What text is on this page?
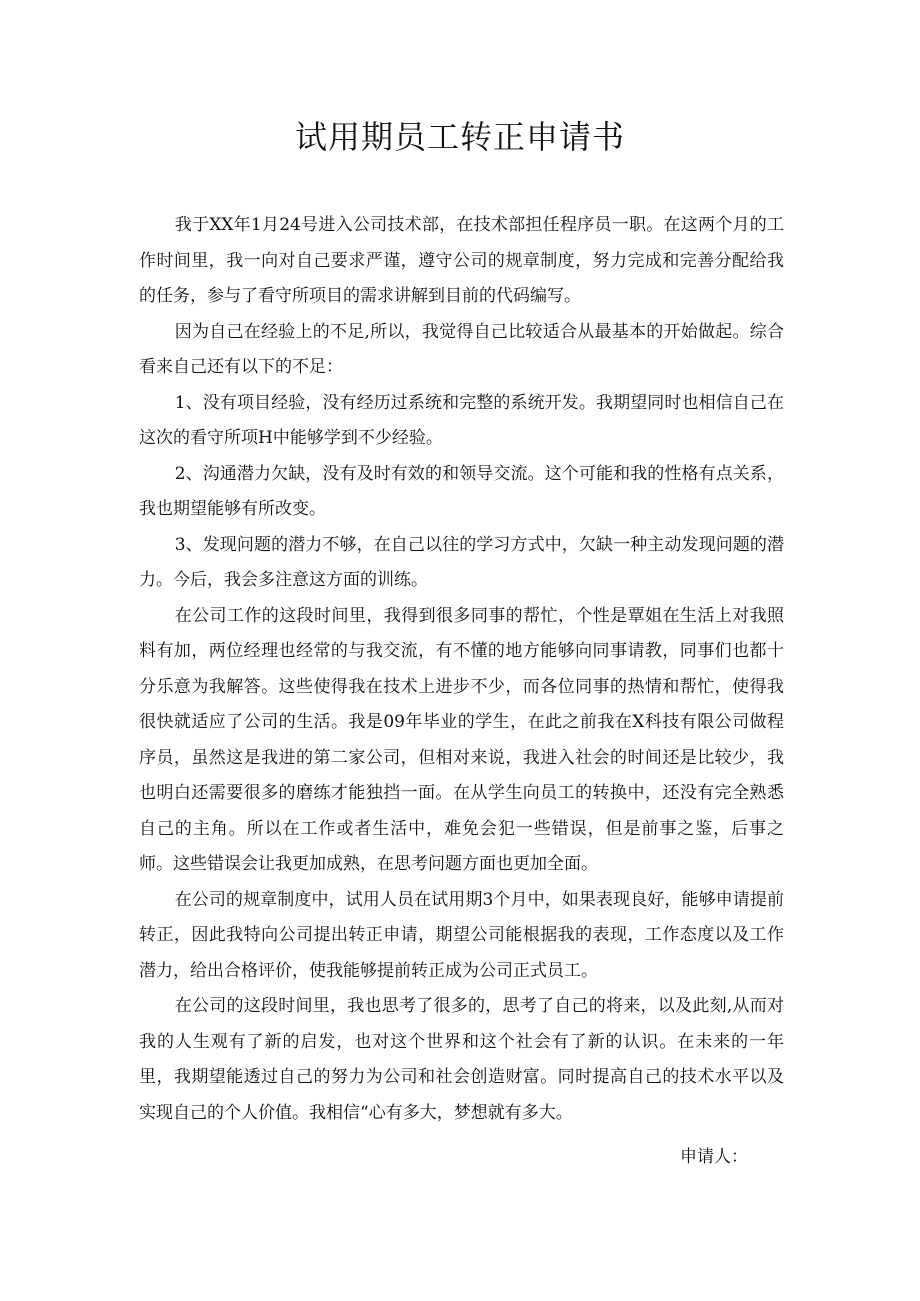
试用期员工转正申请书

我于XX年1月24号进入公司技术部，在技术部担任程序员一职。在这两个月的工作时间里，我一向对自己要求严谨，遵守公司的规章制度，努力完成和完善分配给我的任务，参与了看守所项目的需求讲解到目前的代码编写。

因为自己在经验上的不足,所以，我觉得自己比较适合从最基本的开始做起。综合看来自己还有以下的不足：

1、没有项目经验，没有经历过系统和完整的系统开发。我期望同时也相信自己在这次的看守所项H中能够学到不少经验。

2、沟通潜力欠缺，没有及时有效的和领导交流。这个可能和我的性格有点关系，我也期望能够有所改变。

3、发现问题的潜力不够，在自己以往的学习方式中，欠缺一种主动发现问题的潜力。今后，我会多注意这方面的训练。

在公司工作的这段时间里，我得到很多同事的帮忙，个性是覃姐在生活上对我照料有加，两位经理也经常的与我交流，有不懂的地方能够向同事请教，同事们也都十分乐意为我解答。这些使得我在技术上进步不少，而各位同事的热情和帮忙，使得我很快就适应了公司的生活。我是09年毕业的学生，在此之前我在X科技有限公司做程序员，虽然这是我进的第二家公司，但相对来说，我进入社会的时间还是比较少，我也明白还需要很多的磨练才能独挡一面。在从学生向员工的转换中，还没有完全熟悉自己的主角。所以在工作或者生活中，难免会犯一些错误，但是前事之鉴，后事之师。这些错误会让我更加成熟，在思考问题方面也更加全面。

在公司的规章制度中，试用人员在试用期3个月中，如果表现良好，能够申请提前转正，因此我特向公司提出转正申请，期望公司能根据我的表现，工作态度以及工作潜力，给出合格评价，使我能够提前转正成为公司正式员工。

在公司的这段时间里，我也思考了很多的，思考了自己的将来，以及此刻,从而对我的人生观有了新的启发，也对这个世界和这个社会有了新的认识。在未来的一年里，我期望能透过自己的努力为公司和社会创造财富。同时提高自己的技术水平以及实现自己的个人价值。我相信“心有多大，梦想就有多大。

申请人：
